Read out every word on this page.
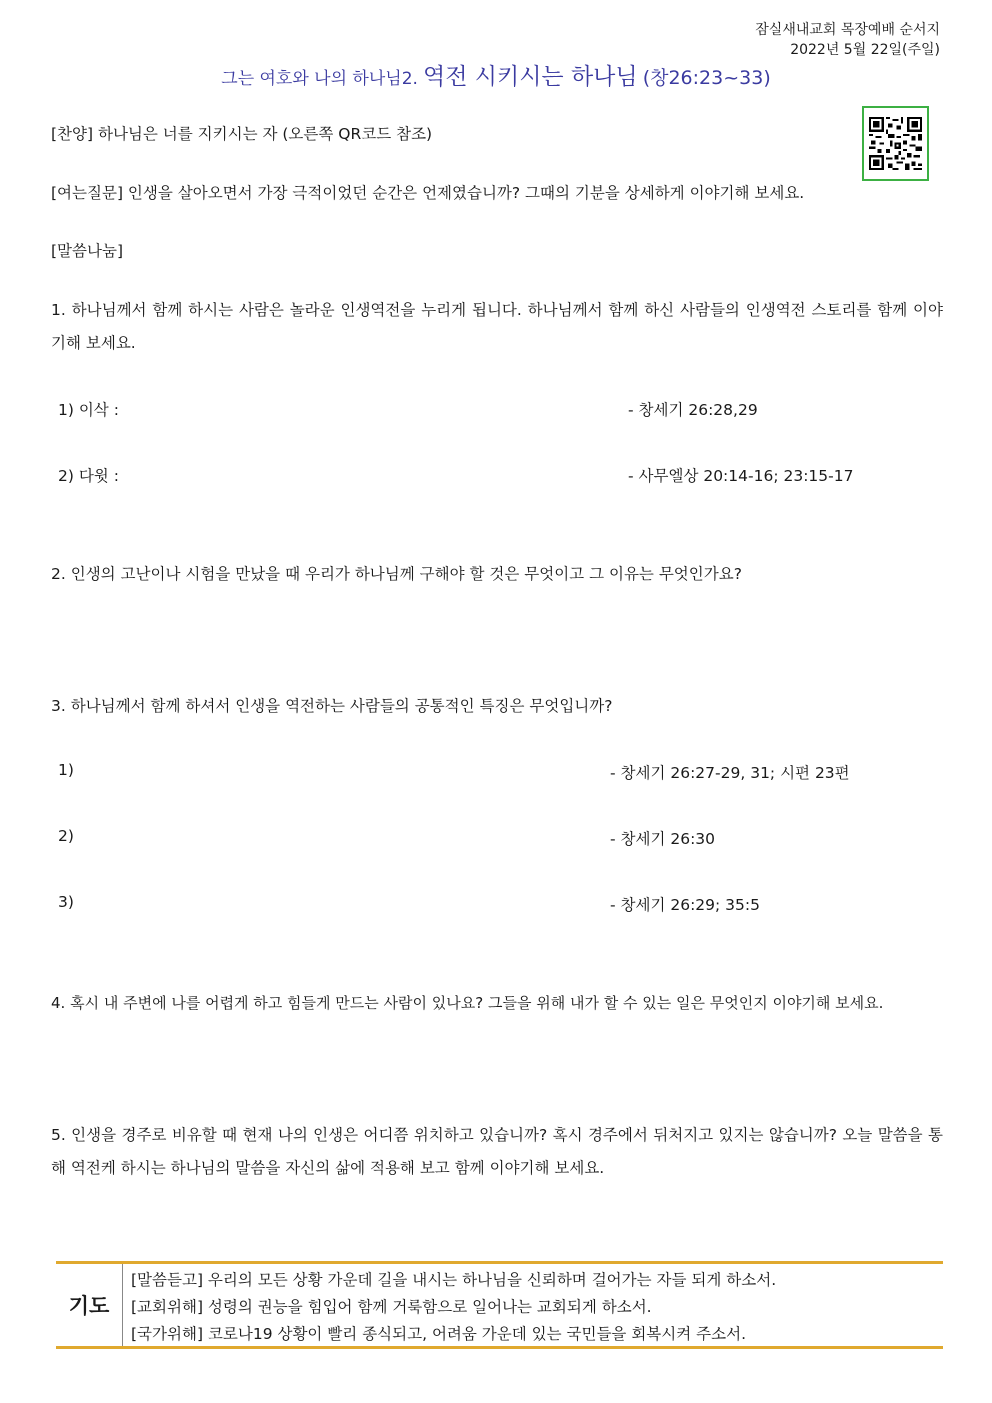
잠실새내교회 목장예배 순서지
2022년 5월 22일(주일)
그는 여호와 나의 하나님2. 역전 시키시는 하나님 (창26:23~33)
[찬양] 하나님은 너를 지키시는 자 (오른쪽 QR코드 참조)
[여는질문] 인생을 살아오면서 가장 극적이었던 순간은 언제였습니까? 그때의 기분을 상세하게 이야기해 보세요.
[말씀나눔]
1. 하나님께서 함께 하시는 사람은 놀라운 인생역전을 누리게 됩니다. 하나님께서 함께 하신 사람들의 인생역전 스토리를 함께 이야기해 보세요.
1) 이삭 :	- 창세기 26:28,29
2) 다윗 :	- 사무엘상 20:14-16; 23:15-17
2. 인생의 고난이나 시험을 만났을 때 우리가 하나님께 구해야 할 것은 무엇이고 그 이유는 무엇인가요?
3. 하나님께서 함께 하셔서 인생을 역전하는 사람들의 공통적인 특징은 무엇입니까?
1)	- 창세기 26:27-29, 31; 시편 23편
2)	- 창세기 26:30
3)	- 창세기 26:29; 35:5
4. 혹시 내 주변에 나를 어렵게 하고 힘들게 만드는 사람이 있나요? 그들을 위해 내가 할 수 있는 일은 무엇인지 이야기해 보세요.
5. 인생을 경주로 비유할 때 현재 나의 인생은 어디쯤 위치하고 있습니까? 혹시 경주에서 뒤처지고 있지는 않습니까? 오늘 말씀을 통해 역전케 하시는 하나님의 말씀을 자신의 삶에 적용해 보고 함께 이야기해 보세요.
기도
[말씀듣고] 우리의 모든 상황 가운데 길을 내시는 하나님을 신뢰하며 걸어가는 자들 되게 하소서.
[교회위해] 성령의 권능을 힘입어 함께 거룩함으로 일어나는 교회되게 하소서.
[국가위해] 코로나19 상황이 빨리 종식되고, 어려움 가운데 있는 국민들을 회복시켜 주소서.
